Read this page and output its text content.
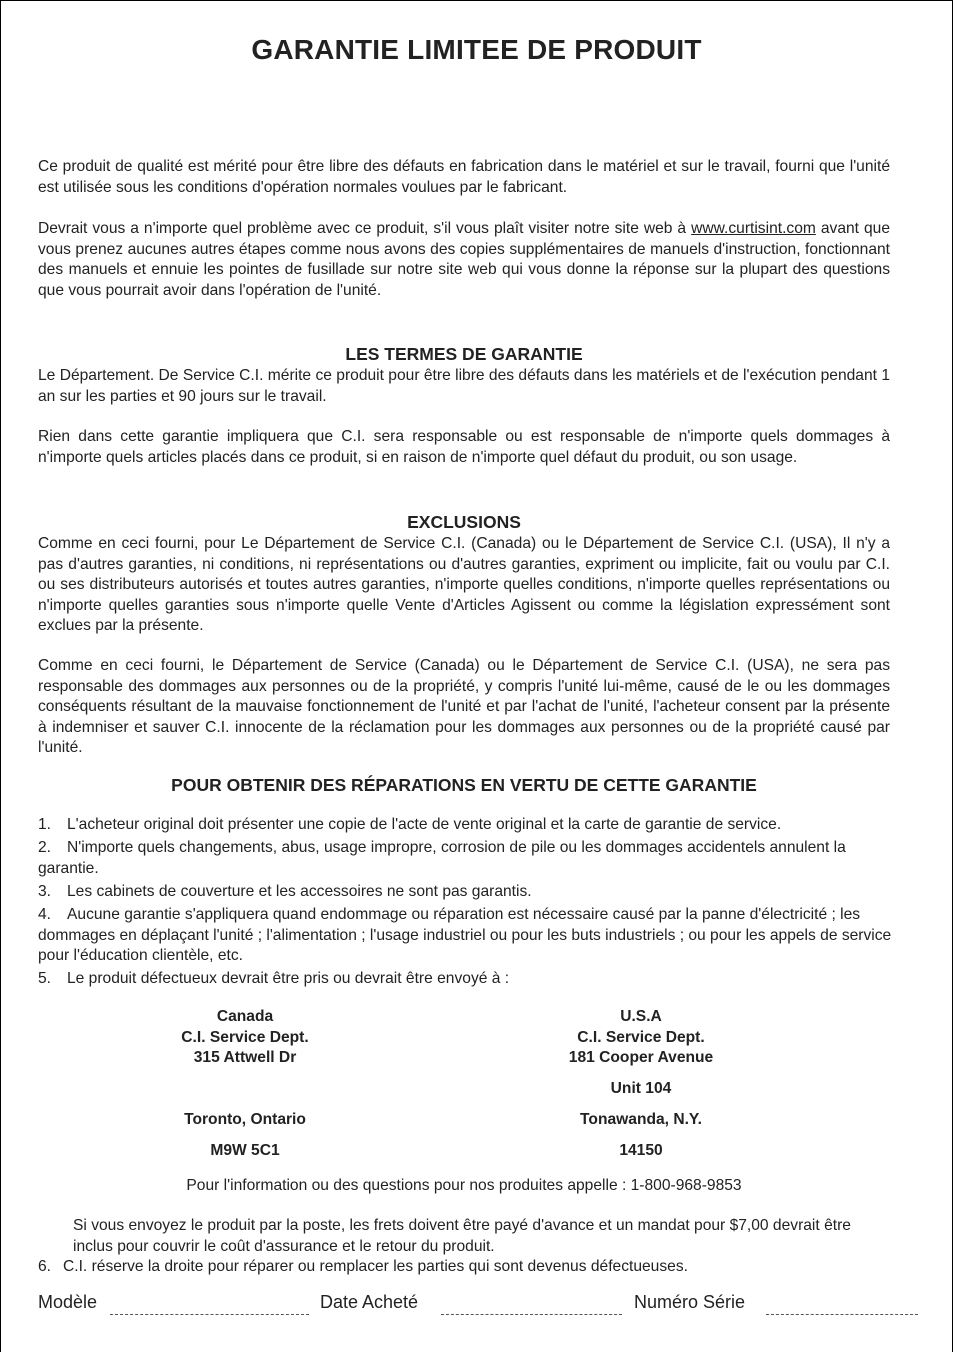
GARANTIE LIMITEE DE PRODUIT
Ce produit de qualité est mérité pour être libre des défauts en fabrication dans le matériel et sur le travail, fourni que l'unité est utilisée sous les conditions d'opération normales voulues par le fabricant.
Devrait vous a n'importe quel problème avec ce produit, s'il vous plaît visiter notre site web à www.curtisint.com avant que vous prenez aucunes autres étapes comme nous avons des copies supplémentaires de manuels d'instruction, fonctionnant des manuels et ennuie les pointes de fusillade sur notre site web qui vous donne la réponse sur la plupart des questions que vous pourrait avoir dans l'opération de l'unité.
LES TERMES DE GARANTIE
Le Département. De Service C.I. mérite ce produit pour être libre des défauts dans les matériels et de l'exécution pendant 1 an sur les parties et 90 jours sur le travail.
Rien dans cette garantie impliquera que C.I. sera responsable ou est responsable de n'importe quels dommages à n'importe quels articles placés dans ce produit, si en raison de n'importe quel défaut du produit, ou son usage.
EXCLUSIONS
Comme en ceci fourni, pour Le Département de Service C.I. (Canada) ou le Département de Service C.I. (USA), Il n'y a pas d'autres garanties, ni conditions, ni représentations ou d'autres garanties, expriment ou implicite, fait ou voulu par C.I. ou ses distributeurs autorisés et toutes autres garanties, n'importe quelles conditions, n'importe quelles représentations ou n'importe quelles garanties sous n'importe quelle Vente d'Articles Agissent ou comme la législation expressément sont exclues par la présente.
Comme en ceci fourni, le Département de Service (Canada) ou le Département de Service C.I. (USA), ne sera pas responsable des dommages aux personnes ou de la propriété, y compris l'unité lui-même, causé de le ou les dommages conséquents résultant de la mauvaise fonctionnement de l'unité et par l'achat de l'unité, l'acheteur consent par la présente à indemniser et sauver C.I. innocente de la réclamation pour les dommages aux personnes ou de la propriété causé par l'unité.
POUR OBTENIR DES RÉPARATIONS EN VERTU DE CETTE GARANTIE
1. L'acheteur original doit présenter une copie de l'acte de vente original et la carte de garantie de service.
2. N'importe quels changements, abus, usage impropre, corrosion de pile ou les dommages accidentels annulent la garantie.
3. Les cabinets de couverture et les accessoires ne sont pas garantis.
4. Aucune garantie s'appliquera quand endommage ou réparation est nécessaire causé par la panne d'électricité ; les dommages en déplaçant l'unité ; l'alimentation ; l'usage industriel ou pour les buts industriels ; ou pour les appels de service pour l'éducation clientèle, etc.
5. Le produit défectueux devrait être pris ou devrait être envoyé à :
Canada
C.I. Service Dept.
315 Attwell Dr
Toronto, Ontario
M9W 5C1
U.S.A
C.I. Service Dept.
181 Cooper Avenue
Unit 104
Tonawanda, N.Y.
14150
Pour l'information ou des questions pour nos produites appelle : 1-800-968-9853
Si vous envoyez le produit par la poste, les frets doivent être payé d'avance et un mandat pour $7,00 devrait être inclus pour couvrir le coût d'assurance et le retour du produit.
6. C.I. réserve la droite pour réparer ou remplacer les parties qui sont devenus défectueuses.
Modèle	Date Acheté	Numéro Série
